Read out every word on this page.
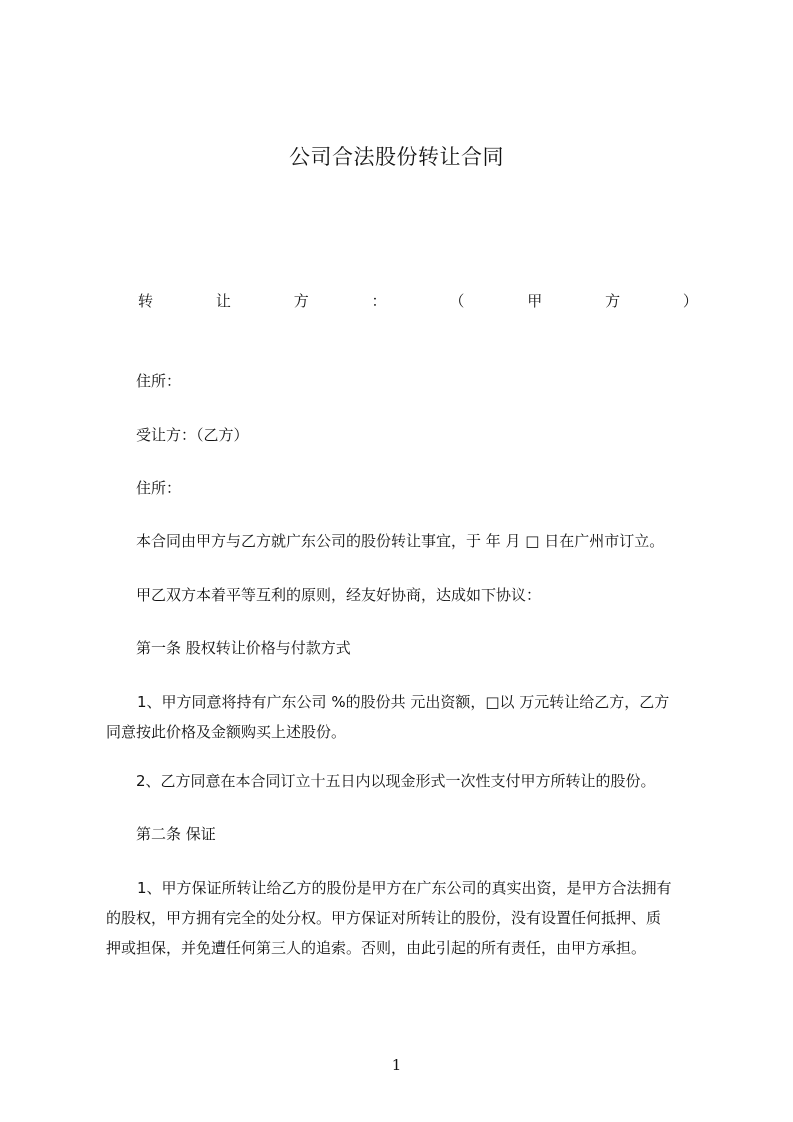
公司合法股份转让合同
转	让	方	：	（	甲	方	）
住所：
受让方：（乙方）
住所：
本合同由甲方与乙方就广东公司的股份转让事宜，于 年 月 □ 日在广州市订立。
甲乙双方本着平等互利的原则，经友好协商，达成如下协议：
第一条 股权转让价格与付款方式
1、甲方同意将持有广东公司 %的股份共 元出资额，□以 万元转让给乙方，乙方
同意按此价格及金额购买上述股份。
2、乙方同意在本合同订立十五日内以现金形式一次性支付甲方所转让的股份。
第二条 保证
1、甲方保证所转让给乙方的股份是甲方在广东公司的真实出资，是甲方合法拥有
的股权，甲方拥有完全的处分权。甲方保证对所转让的股份，没有设置任何抵押、质
押或担保，并免遭任何第三人的追索。否则，由此引起的所有责任，由甲方承担。
1
